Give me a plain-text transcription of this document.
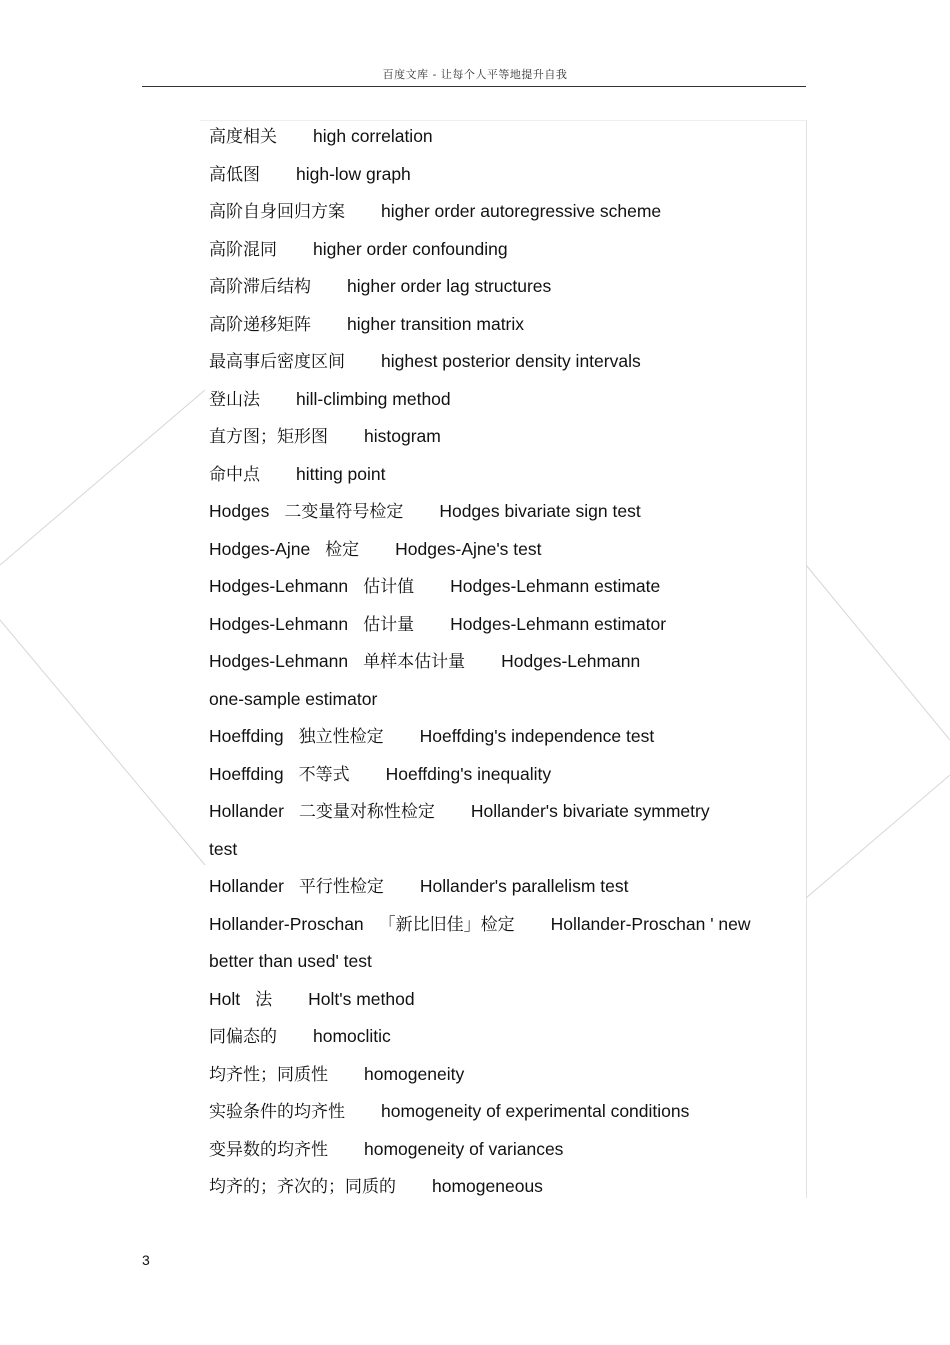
百度文库 - 让每个人平等地提升自我
高度相关 high correlation
高低图 high-low graph
高阶自身回归方案 higher order autoregressive scheme
高阶混同 higher order confounding
高阶滞后结构 higher order lag structures
高阶递移矩阵 higher transition matrix
最高事后密度区间 highest posterior density intervals
登山法 hill-climbing method
直方图；矩形图 histogram
命中点 hitting point
Hodges 二变量符号检定 Hodges bivariate sign test
Hodges-Ajne 检定 Hodges-Ajne's test
Hodges-Lehmann 估计值 Hodges-Lehmann estimate
Hodges-Lehmann 估计量 Hodges-Lehmann estimator
Hodges-Lehmann 单样本估计量 Hodges-Lehmann
one-sample estimator
Hoeffding 独立性检定 Hoeffding's independence test
Hoeffding 不等式 Hoeffding's inequality
Hollander 二变量对称性检定 Hollander's bivariate symmetry
test
Hollander 平行性检定 Hollander's parallelism test
Hollander-Proschan 「新比旧佳」检定 Hollander-Proschan ' new
better than used' test
Holt 法 Holt's method
同偏态的 homoclitic
均齐性；同质性 homogeneity
实验条件的均齐性 homogeneity of experimental conditions
变异数的均齐性 homogeneity of variances
均齐的；齐次的；同质的 homogeneous
3
